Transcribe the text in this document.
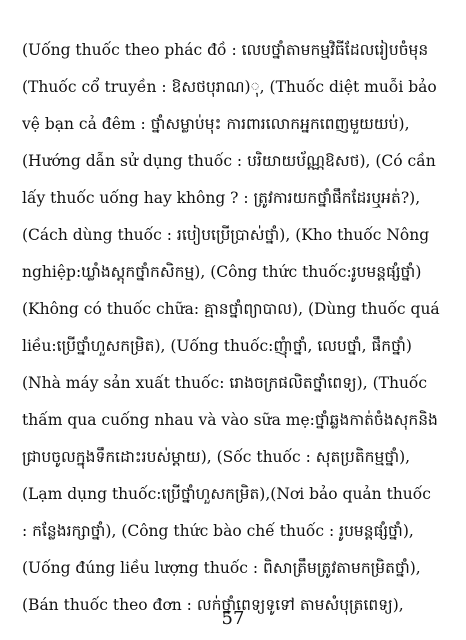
(Uống thuốc theo phác đồ : លេបថ្នាំតាមកម្មវិធីដែលរៀបចំមុន
(Thuốc cổ truyền : ឱសថបុរាណ)ុ, (Thuốc diệt muỗi bảo
vệ bạn cả đêm : ថ្នាំសម្លាប់មុះ ការពារលោកអ្នកពេញមួយយប់),
(Hướng dẫn sử dụng thuốc : បរិយាយប័ណ្ណឱសថ), (Có cần
lấy thuốc uống hay không ? : ត្រូវការយកថ្នាំផឹកដែរឬអត់?),
(Cách dùng thuốc : របៀបប្រើប្រាស់ថ្នាំ), (Kho thuốc Nông
nghiệp:ឃ្លាំងស្តុកថ្នាំកសិកម្ម), (Công thức thuốc:រូបមន្តផ្សំថ្នាំ)
(Không có thuốc chữa: គ្មានថ្នាំព្យាបាល), (Dùng thuốc quá
liều:ប្រើថ្នាំហួសកម្រិត), (Uống thuốc:ញុំាថ្នាំ, លេបថ្នាំ, ផឹកថ្នាំ)
(Nhà máy sản xuất thuốc: រោងចក្រផលិតថ្នាំពេទ្យ), (Thuốc
thấm qua cuống nhau và vào sữa mẹ:ថ្នាំឆ្លងកាត់ចំងសុកនិង
ជ្រាបចូលក្នុងទឹកដោះរបស់ម្តាយ), (Sốc thuốc : សុតប្រតិកម្មថ្នាំ),
(Lạm dụng thuốc:ប្រើថ្នាំហួសកម្រិត),(Nơi bảo quản thuốc
: កន្លែងរក្សាថ្នាំ), (Công thức bào chế thuốc : រូបមន្តផ្សំថ្នាំ),
(Uống đúng liều lượng thuốc : ពិសាត្រឹមត្រូវតាមកម្រិតថ្នាំ),
(Bán thuốc theo đơn : លក់ថ្នាំពេទ្យទូទៅ តាមសំបុត្រពេទ្យ),
57
